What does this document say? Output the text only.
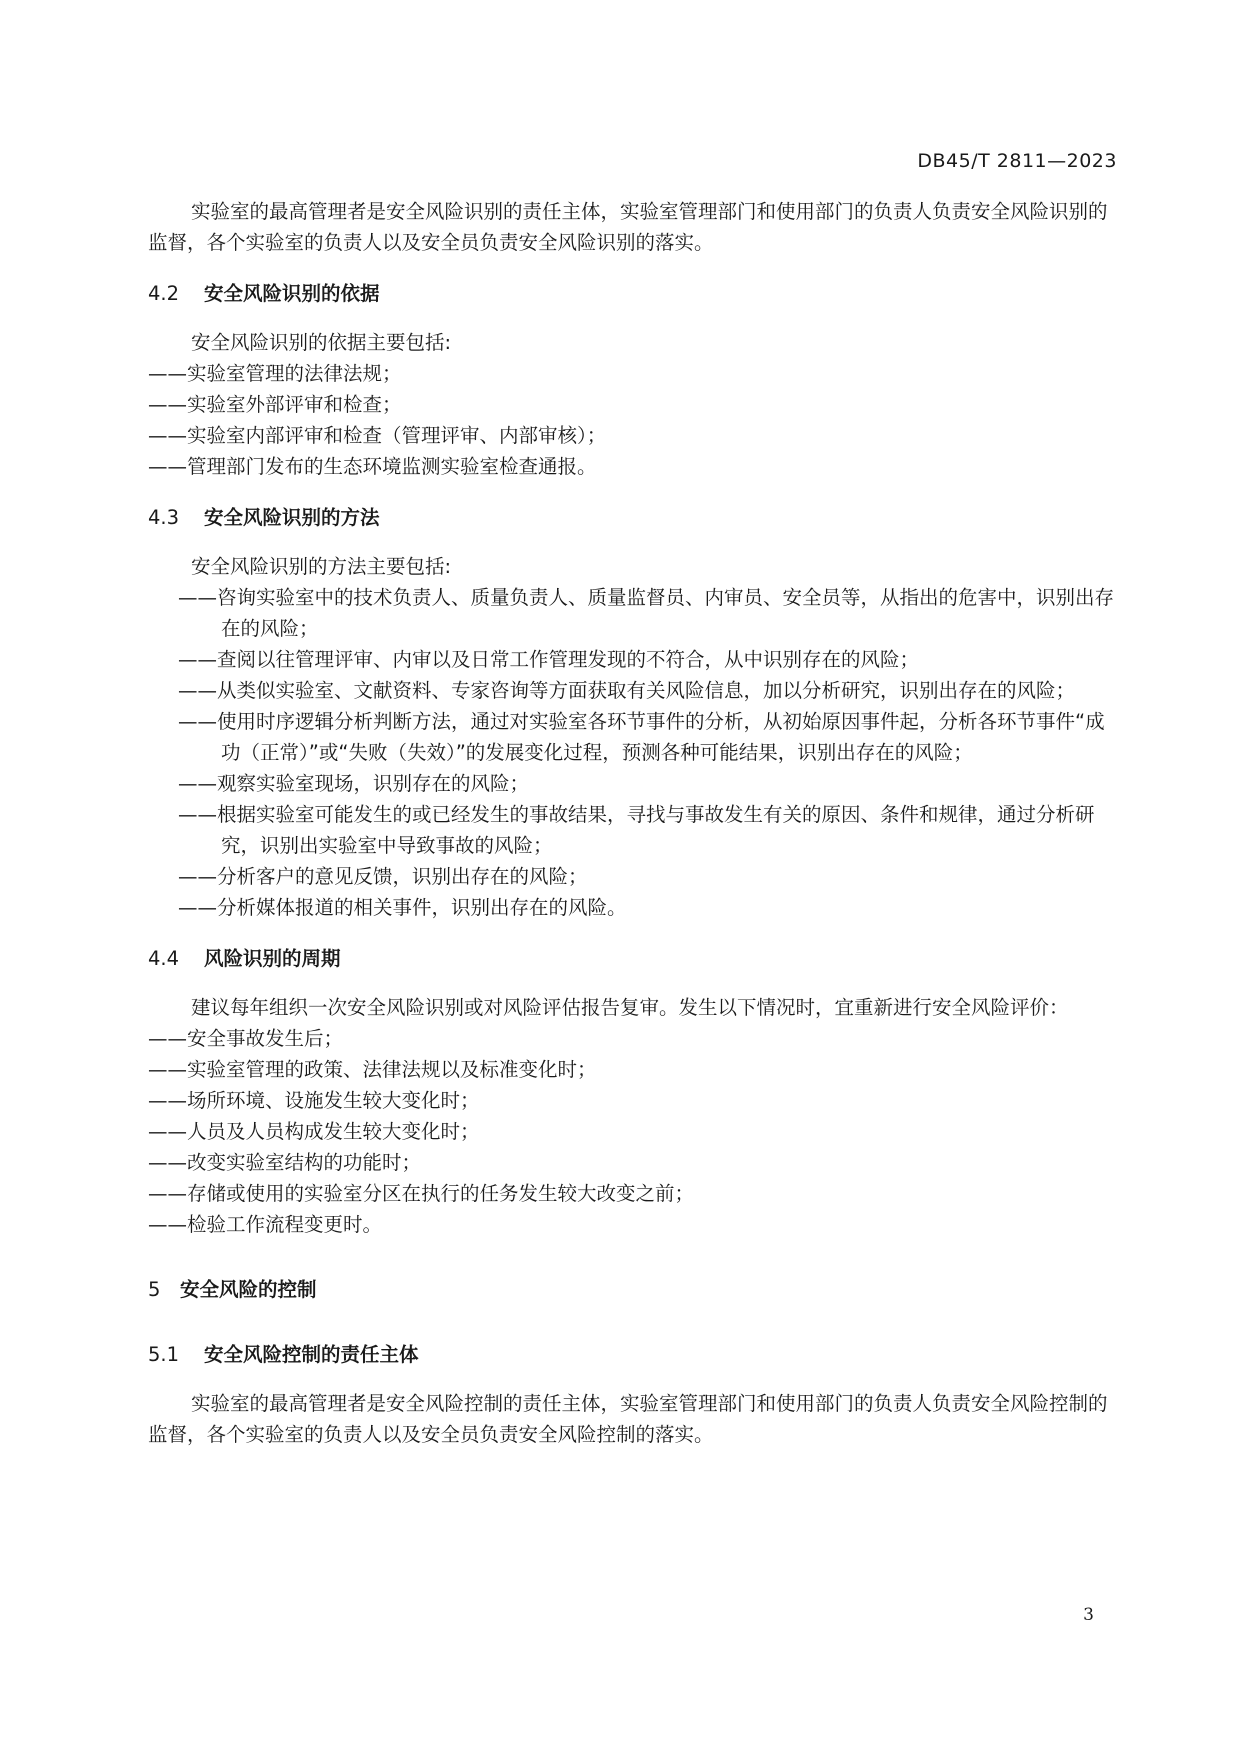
DB45/T 2811—2023

实验室的最高管理者是安全风险识别的责任主体，实验室管理部门和使用部门的负责人负责安全风险识别的监督，各个实验室的负责人以及安全员负责安全风险识别的落实。

4.2 安全风险识别的依据

安全风险识别的依据主要包括:

——实验室管理的法律法规；

——实验室外部评审和检查；

——实验室内部评审和检查（管理评审、内部审核）；

——管理部门发布的生态环境监测实验室检查通报。

4.3 安全风险识别的方法

安全风险识别的方法主要包括:

——咨询实验室中的技术负责人、质量负责人、质量监督员、内审员、安全员等，从指出的危害中，识别出存在的风险；

——查阅以往管理评审、内审以及日常工作管理发现的不符合，从中识别存在的风险；

——从类似实验室、文献资料、专家咨询等方面获取有关风险信息，加以分析研究，识别出存在的风险；

——使用时序逻辑分析判断方法，通过对实验室各环节事件的分析，从初始原因事件起，分析各环节事件“成功（正常）”或“失败（失效）”的发展变化过程，预测各种可能结果，识别出存在的风险；

——观察实验室现场，识别存在的风险；

——根据实验室可能发生的或已经发生的事故结果，寻找与事故发生有关的原因、条件和规律，通过分析研究，识别出实验室中导致事故的风险；

——分析客户的意见反馈，识别出存在的风险；

——分析媒体报道的相关事件，识别出存在的风险。

4.4 风险识别的周期

建议每年组织一次安全风险识别或对风险评估报告复审。发生以下情况时，宜重新进行安全风险评价：

——安全事故发生后；

——实验室管理的政策、法律法规以及标准变化时；

——场所环境、设施发生较大变化时；

——人员及人员构成发生较大变化时；

——改变实验室结构的功能时；

——存储或使用的实验室分区在执行的任务发生较大改变之前；

——检验工作流程变更时。

5 安全风险的控制
5.1 安全风险控制的责任主体

实验室的最高管理者是安全风险控制的责任主体，实验室管理部门和使用部门的负责人负责安全风险控制的监督，各个实验室的负责人以及安全员负责安全风险控制的落实。

3
